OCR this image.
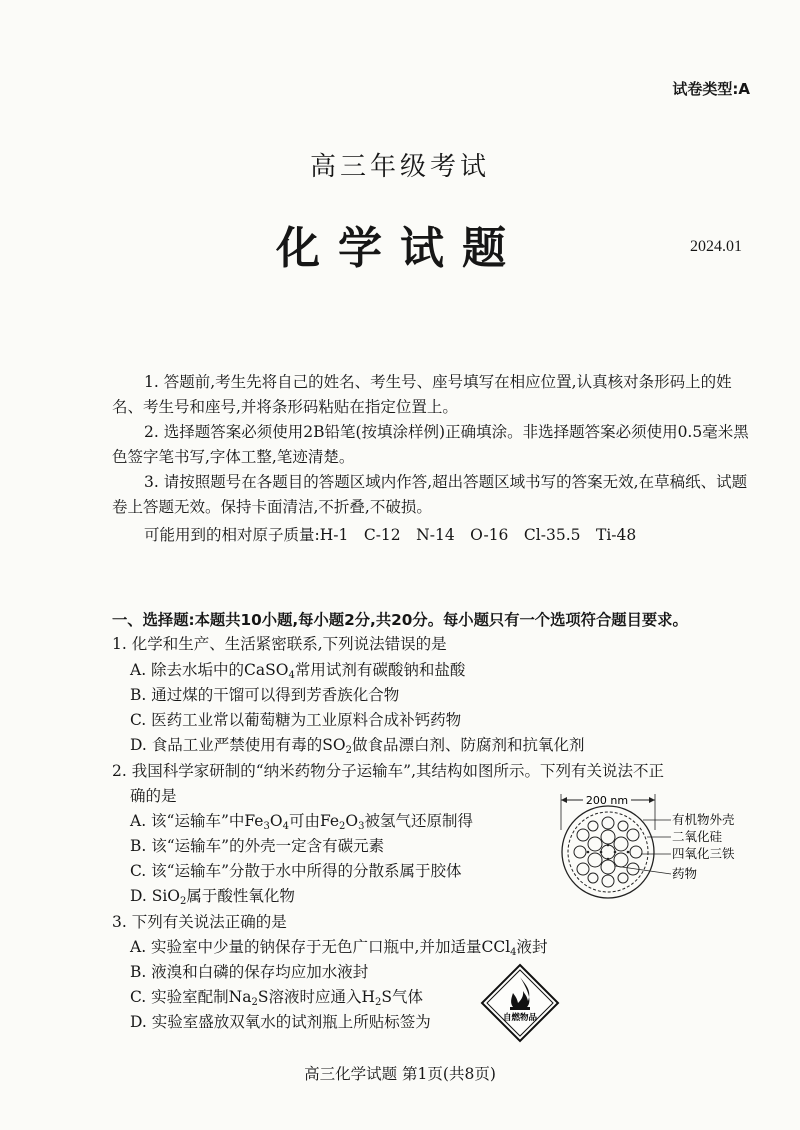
试卷类型:A
高三年级考试
化学试题	2024.01

1. 答题前,考生先将自己的姓名、考生号、座号填写在相应位置,认真核对条形码上的姓名、考生号和座号,并将条形码粘贴在指定位置上。

2. 选择题答案必须使用2B铅笔(按填涂样例)正确填涂。非选择题答案必须使用0.5毫米黑色签字笔书写,字体工整,笔迹清楚。

3. 请按照题号在各题目的答题区域内作答,超出答题区域书写的答案无效,在草稿纸、试题卷上答题无效。保持卡面清洁,不折叠,不破损。

可能用到的相对原子质量:H-1　C-12　N-14　O-16　Cl-35.5　Ti-48

一、选择题:本题共10小题,每小题2分,共20分。每小题只有一个选项符合题目要求。
1. 化学和生产、生活紧密联系,下列说法错误的是
A. 除去水垢中的CaSO$_4$常用试剂有碳酸钠和盐酸
B. 通过煤的干馏可以得到芳香族化合物
C. 医药工业常以葡萄糖为工业原料合成补钙药物
D. 食品工业严禁使用有毒的$SO_2$做食品漂白剂、防腐剂和抗氧化剂
2. 我国科学家研制的“纳米药物分子运输车”,其结构如图所示。下列有关说法不正
确的是
A. 该“运输车”中$Fe_3O_4$可由$Fe_2O_3$被氢气还原制得
B. 该“运输车”的外壳一定含有碳元素
C. 该“运输车”分散于水中所得的分散系属于胶体
D. SiO$_2$属于酸性氧化物
200 nm
有机物外壳
二氧化硅
四氧化三铁
药物
3. 下列有关说法正确的是
A. 实验室中少量的钠保存于无色广口瓶中,并加适量CCl$_4$液封
B. 液溴和白磷的保存均应加水液封
C. 实验室配制$Na_2S$溶液时应通入$H_2S$气体
D. 实验室盛放双氧水的试剂瓶上所贴标签为	自燃物品
高三化学试题 第1页(共8页)
